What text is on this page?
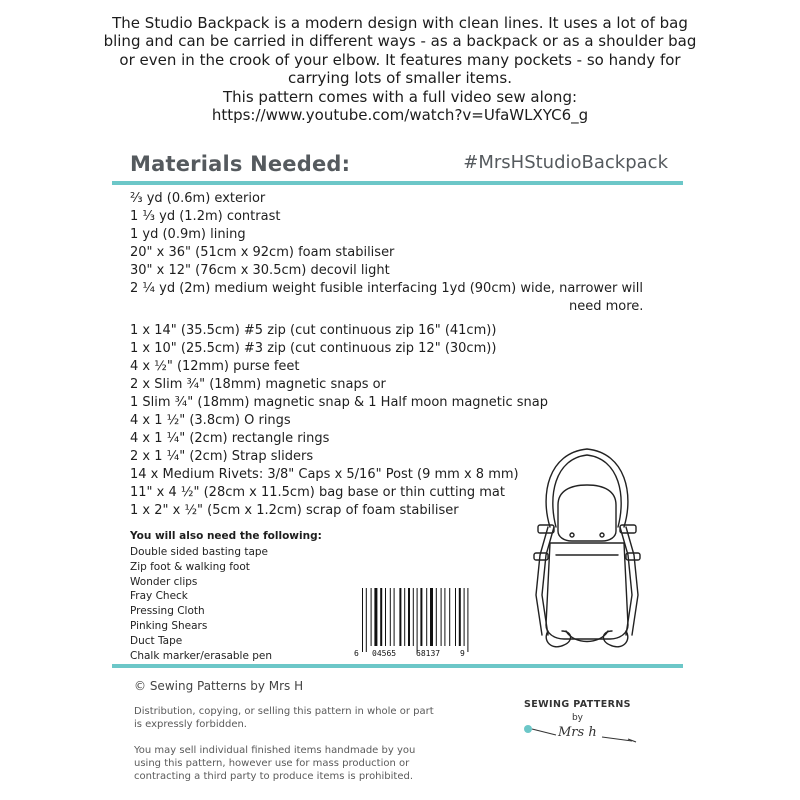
The Studio Backpack is a modern design with clean lines. It uses a lot of bag

bling and can be carried in different ways - as a backpack or as a shoulder bag

or even in the crook of your elbow. It features many pockets - so handy for

carrying lots of smaller items.

This pattern comes with a full video sew along:

https://www.youtube.com/watch?v=UfaWLXYC6_g

Materials Needed:	#MrsHStudioBackpack
⅔ yd (0.6m) exterior
1 ⅓ yd (1.2m) contrast
1 yd (0.9m) lining
20" x 36" (51cm x 92cm) foam stabiliser
30" x 12" (76cm x 30.5cm) decovil light
2 ¼ yd (2m) medium weight fusible interfacing 1yd (90cm) wide, narrower will
need more.
1 x 14" (35.5cm) #5 zip (cut continuous zip 16" (41cm))
1 x 10" (25.5cm) #3 zip (cut continuous zip 12" (30cm))
4 x ½" (12mm) purse feet
2 x Slim ¾" (18mm) magnetic snaps or
1 Slim ¾" (18mm) magnetic snap & 1 Half moon magnetic snap
4 x 1 ½" (3.8cm) O rings
4 x 1 ¼" (2cm) rectangle rings
2 x 1 ¼" (2cm) Strap sliders
14 x Medium Rivets: 3/8" Caps x 5/16" Post (9 mm x 8 mm)
11" x 4 ½" (28cm x 11.5cm) bag base or thin cutting mat
1 x 2" x ½" (5cm x 1.2cm) scrap of foam stabiliser
You will also need the following:
Double sided basting tape
Zip foot & walking foot
Wonder clips
Fray Check
Pressing Cloth
Pinking Shears
Duct Tape
Chalk marker/erasable pen	6 04565 68137 9
© Sewing Patterns by Mrs H

Distribution, copying, or selling this pattern in whole or part is expressly forbidden.

You may sell individual finished items handmade by you using this pattern, however use for mass production or contracting a third party to produce items is prohibited.

SEWING PATTERNS
by
Mrs h
